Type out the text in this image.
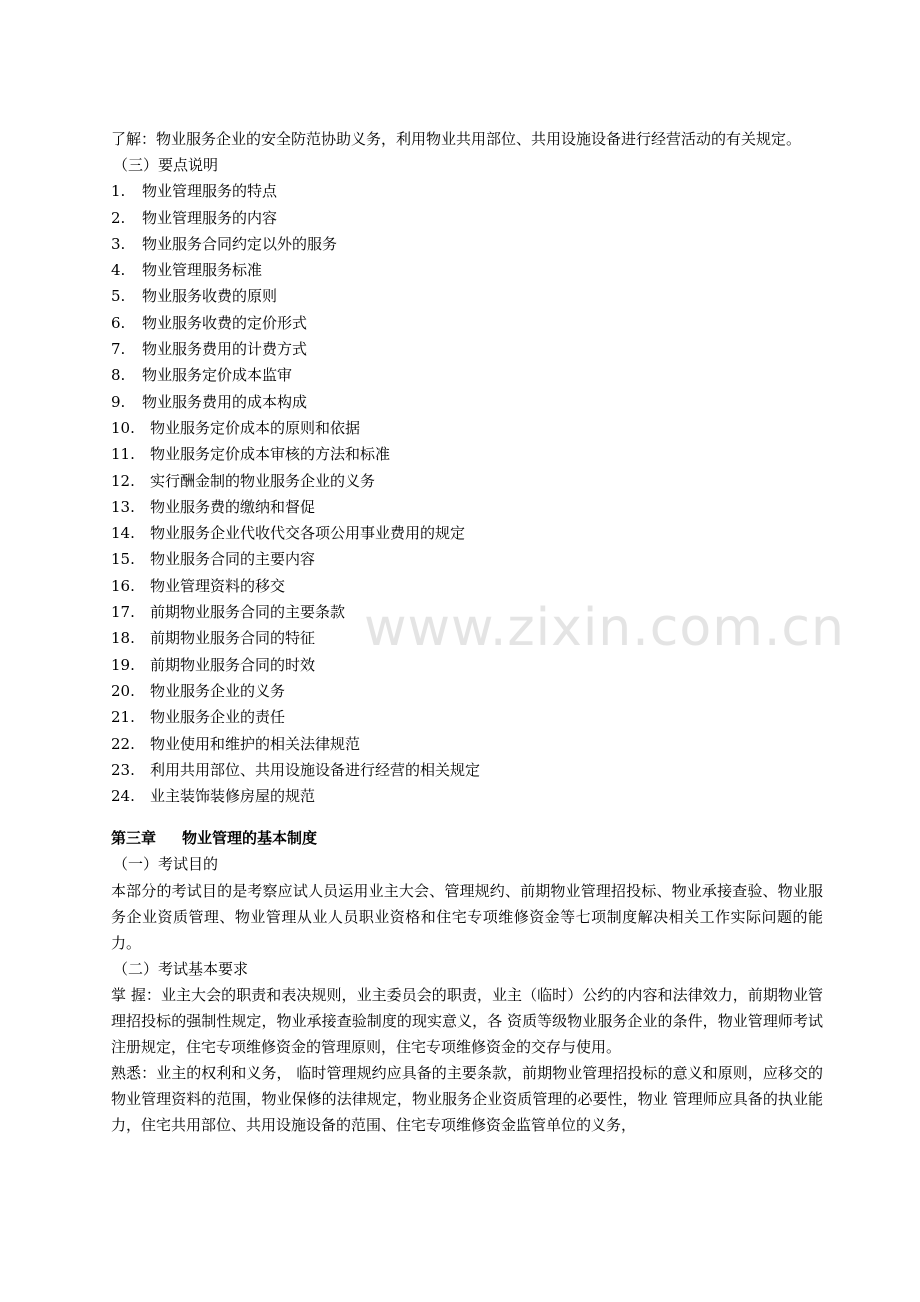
了解：物业服务企业的安全防范协助义务，利用物业共用部位、共用设施设备进行经营活动的有关规定。

（三）要点说明

1.	物业管理服务的特点
2.	物业管理服务的内容
3.	物业服务合同约定以外的服务
4.	物业管理服务标准
5.	物业服务收费的原则
6.	物业服务收费的定价形式
7.	物业服务费用的计费方式
8.	物业服务定价成本监审
9.	物业服务费用的成本构成
10.	物业服务定价成本的原则和依据
11.	物业服务定价成本审核的方法和标准
12.	实行酬金制的物业服务企业的义务
13.	物业服务费的缴纳和督促
14.	物业服务企业代收代交各项公用事业费用的规定
15.	物业服务合同的主要内容
16.	物业管理资料的移交
17.	前期物业服务合同的主要条款
18.	前期物业服务合同的特征
19.	前期物业服务合同的时效
20.	物业服务企业的义务
21.	物业服务企业的责任
22.	物业使用和维护的相关法律规范
23.	利用共用部位、共用设施设备进行经营的相关规定
24.	业主装饰装修房屋的规范

第三章 物业管理的基本制度

（一）考试目的

本部分的考试目的是考察应试人员运用业主大会、管理规约、前期物业管理招投标、物业承接查验、物业服务企业资质管理、物业管理从业人员职业资格和住宅专项维修资金等七项制度解决相关工作实际问题的能力。

（二）考试基本要求

掌 握：业主大会的职责和表决规则，业主委员会的职责，业主（临时）公约的内容和法律效力，前期物业管理招投标的强制性规定，物业承接查验制度的现实意义，各 资质等级物业服务企业的条件，物业管理师考试注册规定，住宅专项维修资金的管理原则，住宅专项维修资金的交存与使用。

熟悉：业主的权利和义务， 临时管理规约应具备的主要条款，前期物业管理招投标的意义和原则，应移交的物业管理资料的范围，物业保修的法律规定，物业服务企业资质管理的必要性，物业 管理师应具备的执业能力，住宅共用部位、共用设施设备的范围、住宅专项维修资金监管单位的义务，

www.zixin.com.cn
